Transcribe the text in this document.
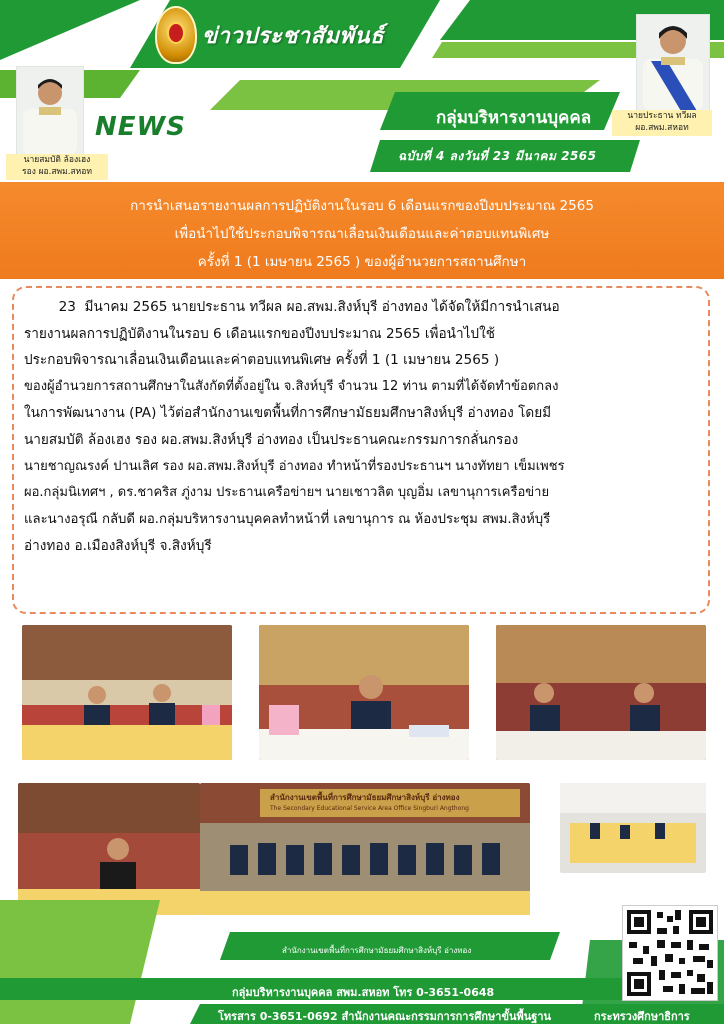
ข่าวประชาสัมพันธ์
NEWS	กลุ่มบริหารงานบุคคล
ฉบับที่ 4 ลงวันที่ 23 มีนาคม 2565
นายสมบัติ ล้องเฮง
รอง ผอ.สพม.สหอท
นายประธาน ทวีผล
ผอ.สพม.สหอท
การนำเสนอรายงานผลการปฏิบัติงานในรอบ 6 เดือนแรกของปีงบประมาณ 2565
เพื่อนำไปใช้ประกอบพิจารณาเลื่อนเงินเดือนและค่าตอบแทนพิเศษ
ครั้งที่ 1 (1 เมษายน 2565 ) ของผู้อำนวยการสถานศึกษา
23  มีนาคม 2565 นายประธาน ทวีผล ผอ.สพม.สิงห์บุรี อ่างทอง ได้จัดให้มีการนำเสนอ
รายงานผลการปฏิบัติงานในรอบ 6 เดือนแรกของปีงบประมาณ 2565 เพื่อนำไปใช้
ประกอบพิจารณาเลื่อนเงินเดือนและค่าตอบแทนพิเศษ ครั้งที่ 1 (1 เมษายน 2565 )
ของผู้อำนวยการสถานศึกษาในสังกัดที่ตั้งอยู่ใน จ.สิงห์บุรี จำนวน 12 ท่าน ตามที่ได้จัดทำข้อตกลง
ในการพัฒนางาน (PA) ไว้ต่อสำนักงานเขตพื้นที่การศึกษามัธยมศึกษาสิงห์บุรี อ่างทอง โดยมี
นายสมบัติ ล้องเฮง รอง ผอ.สพม.สิงห์บุรี อ่างทอง เป็นประธานคณะกรรมการกลั่นกรอง
นายชาญณรงค์ ปานเลิศ รอง ผอ.สพม.สิงห์บุรี อ่างทอง ทำหน้าที่รองประธานฯ นางทัทยา เข็มเพชร
ผอ.กลุ่มนิเทศฯ , ดร.ชาคริส ภู่งาม ประธานเครือข่ายฯ นายเชาวลิต บุญอิ่ม เลขานุการเครือข่าย
และนางอรุณี กลับดี ผอ.กลุ่มบริหารงานบุคคลทำหน้าที่ เลขานุการ ณ ห้องประชุม สพม.สิงห์บุรี
อ่างทอง อ.เมืองสิงห์บุรี จ.สิงห์บุรี
สำนักงานเขตพื้นที่การศึกษามัธยมศึกษาสิงห์บุรี อ่างทอง
The Secondary Educational Service Area Office Singburi Angthong
สำนักงานเขตพื้นที่การศึกษามัธยมศึกษาสิงห์บุรี อ่างทอง
กลุ่มบริหารงานบุคคล สพม.สหอท โทร 0-3651-0648
โทรสาร 0-3651-0692 สำนักงานคณะกรรมการการศึกษาขั้นพื้นฐาน	กระทรวงศึกษาธิการ
